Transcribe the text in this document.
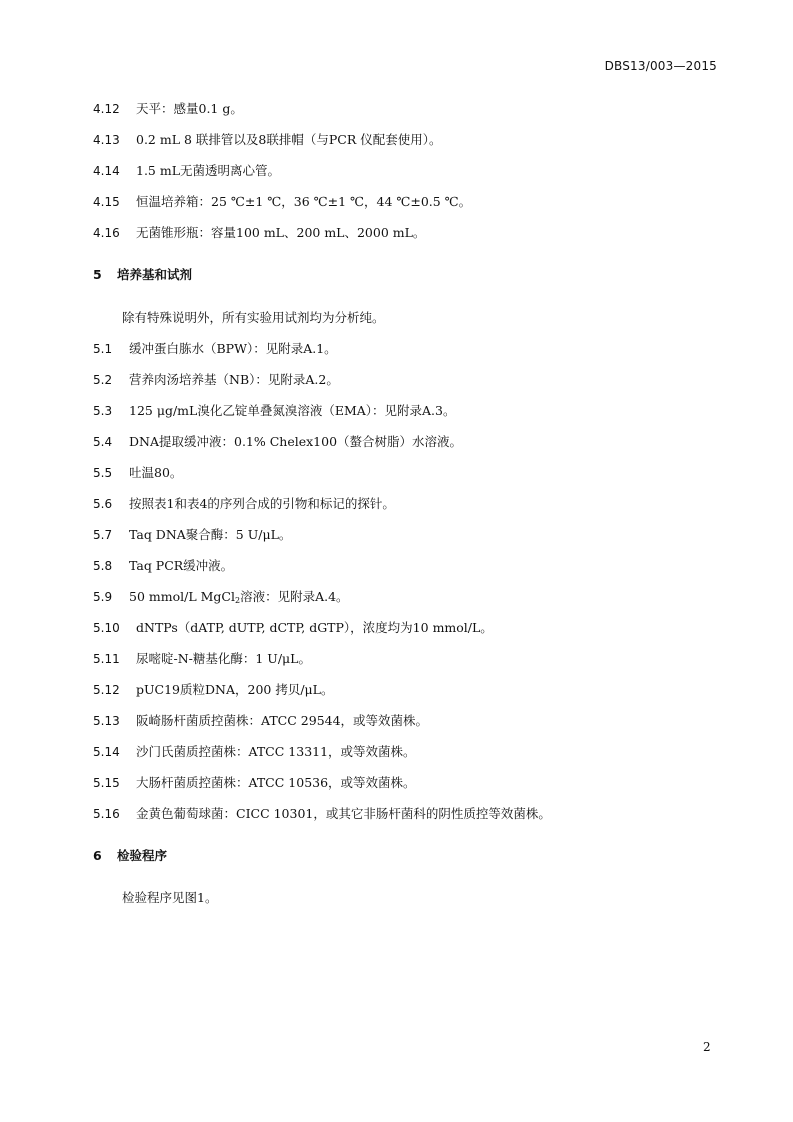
DBS13/003—2015
4.12 天平：感量0.1 g。
4.13 0.2 mL 8 联排管以及8联排帽（与PCR 仪配套使用）。
4.14 1.5 mL无菌透明离心管。
4.15 恒温培养箱：25 ℃±1 ℃，36 ℃±1 ℃，44 ℃±0.5 ℃。
4.16 无菌锥形瓶：容量100 mL、200 mL、2000 mL。
5 培养基和试剂
除有特殊说明外，所有实验用试剂均为分析纯。
5.1 缓冲蛋白胨水（BPW）：见附录A.1。
5.2 营养肉汤培养基（NB）：见附录A.2。
5.3 125 μg/mL溴化乙锭单叠氮溴溶液（EMA）：见附录A.3。
5.4 DNA提取缓冲液：0.1% Chelex100（螯合树脂）水溶液。
5.5 吐温80。
5.6 按照表1和表4的序列合成的引物和标记的探针。
5.7 Taq DNA聚合酶：5 U/μL。
5.8 Taq PCR缓冲液。
5.9 50 mmol/L MgCl$_2$溶液：见附录A.4。
5.10 dNTPs（dATP, dUTP, dCTP, dGTP），浓度均为10 mmol/L。
5.11 尿嘧啶-N-糖基化酶：1 U/μL。
5.12 pUC19质粒DNA，200 拷贝/μL。
5.13 阪崎肠杆菌质控菌株：ATCC 29544，或等效菌株。
5.14 沙门氏菌质控菌株：ATCC 13311，或等效菌株。
5.15 大肠杆菌质控菌株：ATCC 10536，或等效菌株。
5.16 金黄色葡萄球菌：CICC 10301，或其它非肠杆菌科的阴性质控等效菌株。
6 检验程序
检验程序见图1。
2
